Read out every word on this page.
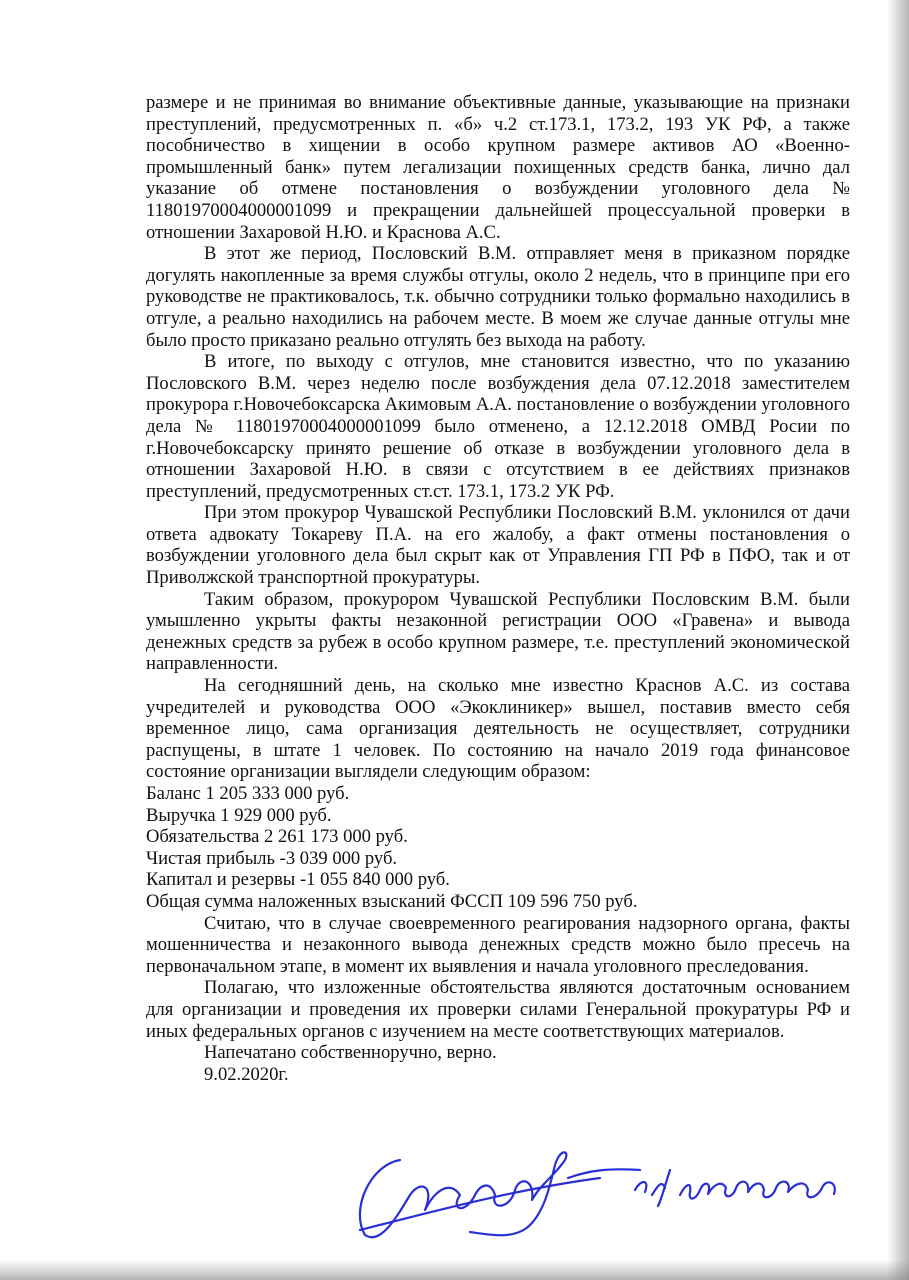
размере и не принимая во внимание объективные данные, указывающие на признаки преступлений, предусмотренных п. «б» ч.2 ст.173.1, 173.2, 193 УК РФ, а также пособничество в хищении в особо крупном размере активов АО «Военно-промышленный банк» путем легализации похищенных средств банка, лично дал указание об отмене постановления о возбуждении уголовного дела № 11801970004000001099 и прекращении дальнейшей процессуальной проверки в отношении Захаровой Н.Ю. и Краснова А.С.

В этот же период, Пословский В.М. отправляет меня в приказном порядке догулять накопленные за время службы отгулы, около 2 недель, что в принципе при его руководстве не практиковалось, т.к. обычно сотрудники только формально находились в отгуле, а реально находились на рабочем месте. В моем же случае данные отгулы мне было просто приказано реально отгулять без выхода на работу.

В итоге, по выходу с отгулов, мне становится известно, что по указанию Пословского В.М. через неделю после возбуждения дела 07.12.2018 заместителем прокурора г.Новочебоксарска Акимовым А.А. постановление о возбуждении уголовного дела № 11801970004000001099 было отменено, а 12.12.2018 ОМВД Росии по г.Новочебоксарску принято решение об отказе в возбуждении уголовного дела в отношении Захаровой Н.Ю. в связи с отсутствием в ее действиях признаков преступлений, предусмотренных ст.ст. 173.1, 173.2 УК РФ.

При этом прокурор Чувашской Республики Пословский В.М. уклонился от дачи ответа адвокату Токареву П.А. на его жалобу, а факт отмены постановления о возбуждении уголовного дела был скрыт как от Управления ГП РФ в ПФО, так и от Приволжской транспортной прокуратуры.

Таким образом, прокурором Чувашской Республики Пословским В.М. были умышленно укрыты факты незаконной регистрации ООО «Гравена» и вывода денежных средств за рубеж в особо крупном размере, т.е. преступлений экономической направленности.

На сегодняшний день, на сколько мне известно Краснов А.С. из состава учредителей и руководства ООО «Экоклиникер» вышел, поставив вместо себя временное лицо, сама организация деятельность не осуществляет, сотрудники распущены, в штате 1 человек. По состоянию на начало 2019 года финансовое состояние организации выглядели следующим образом:

Баланс 1 205 333 000 руб.
Выручка 1 929 000 руб.
Обязательства 2 261 173 000 руб.
Чистая прибыль -3 039 000 руб.
Капитал и резервы -1 055 840 000 руб.
Общая сумма наложенных взысканий ФССП 109 596 750 руб.

Считаю, что в случае своевременного реагирования надзорного органа, факты мошенничества и незаконного вывода денежных средств можно было пресечь на первоначальном этапе, в момент их выявления и начала уголовного преследования.

Полагаю, что изложенные обстоятельства являются достаточным основанием для организации и проведения их проверки силами Генеральной прокуратуры РФ и иных федеральных органов с изучением на месте соответствующих материалов.

Напечатано собственноручно, верно.

9.02.2020г.
